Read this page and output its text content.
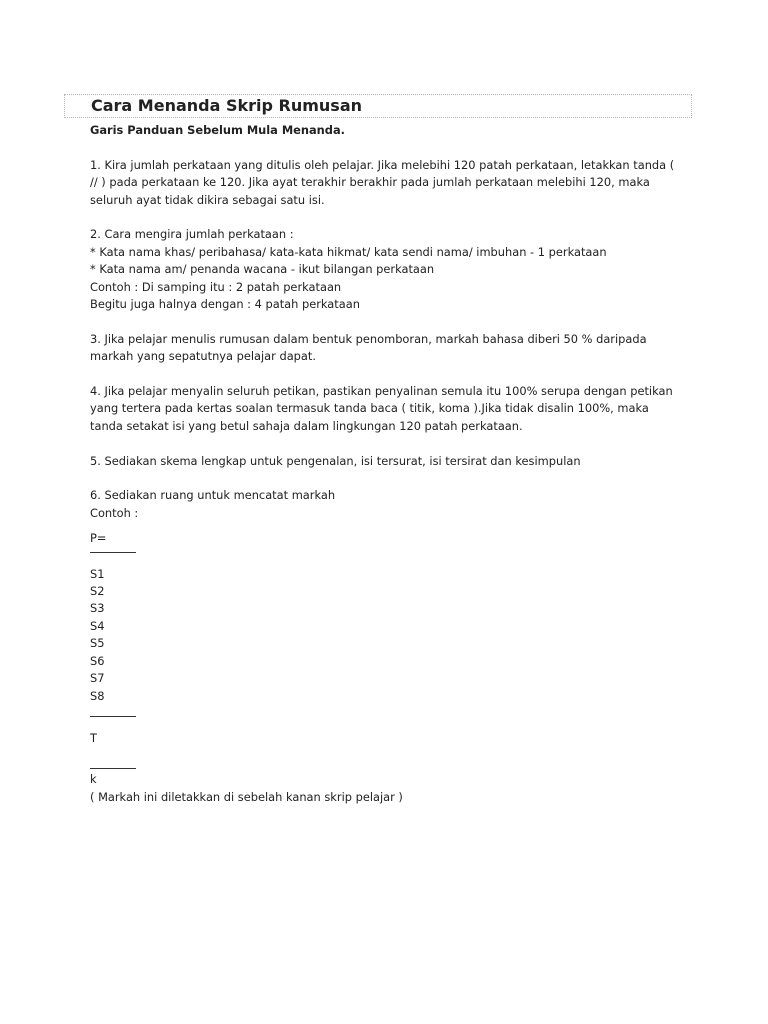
Cara Menanda Skrip Rumusan

Garis Panduan Sebelum Mula Menanda.

1. Kira jumlah perkataan yang ditulis oleh pelajar. Jika melebihi 120 patah perkataan, letakkan tanda (
// ) pada perkataan ke 120. Jika ayat terakhir berakhir pada jumlah perkataan melebihi 120, maka
seluruh ayat tidak dikira sebagai satu isi.

2. Cara mengira jumlah perkataan :
* Kata nama khas/ peribahasa/ kata-kata hikmat/ kata sendi nama/ imbuhan - 1 perkataan
* Kata nama am/ penanda wacana - ikut bilangan perkataan
Contoh : Di samping itu : 2 patah perkataan
Begitu juga halnya dengan : 4 patah perkataan

3. Jika pelajar menulis rumusan dalam bentuk penomboran, markah bahasa diberi 50 % daripada
markah yang sepatutnya pelajar dapat.

4. Jika pelajar menyalin seluruh petikan, pastikan penyalinan semula itu 100% serupa dengan petikan
yang tertera pada kertas soalan termasuk tanda baca ( titik, koma ).Jika tidak disalin 100%, maka
tanda setakat isi yang betul sahaja dalam lingkungan 120 patah perkataan.

5. Sediakan skema lengkap untuk pengenalan, isi tersurat, isi tersirat dan kesimpulan

6. Sediakan ruang untuk mencatat markah
Contoh :

P=
S1
S2
S3
S4
S5
S6
S7
S8
T
k
( Markah ini diletakkan di sebelah kanan skrip pelajar )
